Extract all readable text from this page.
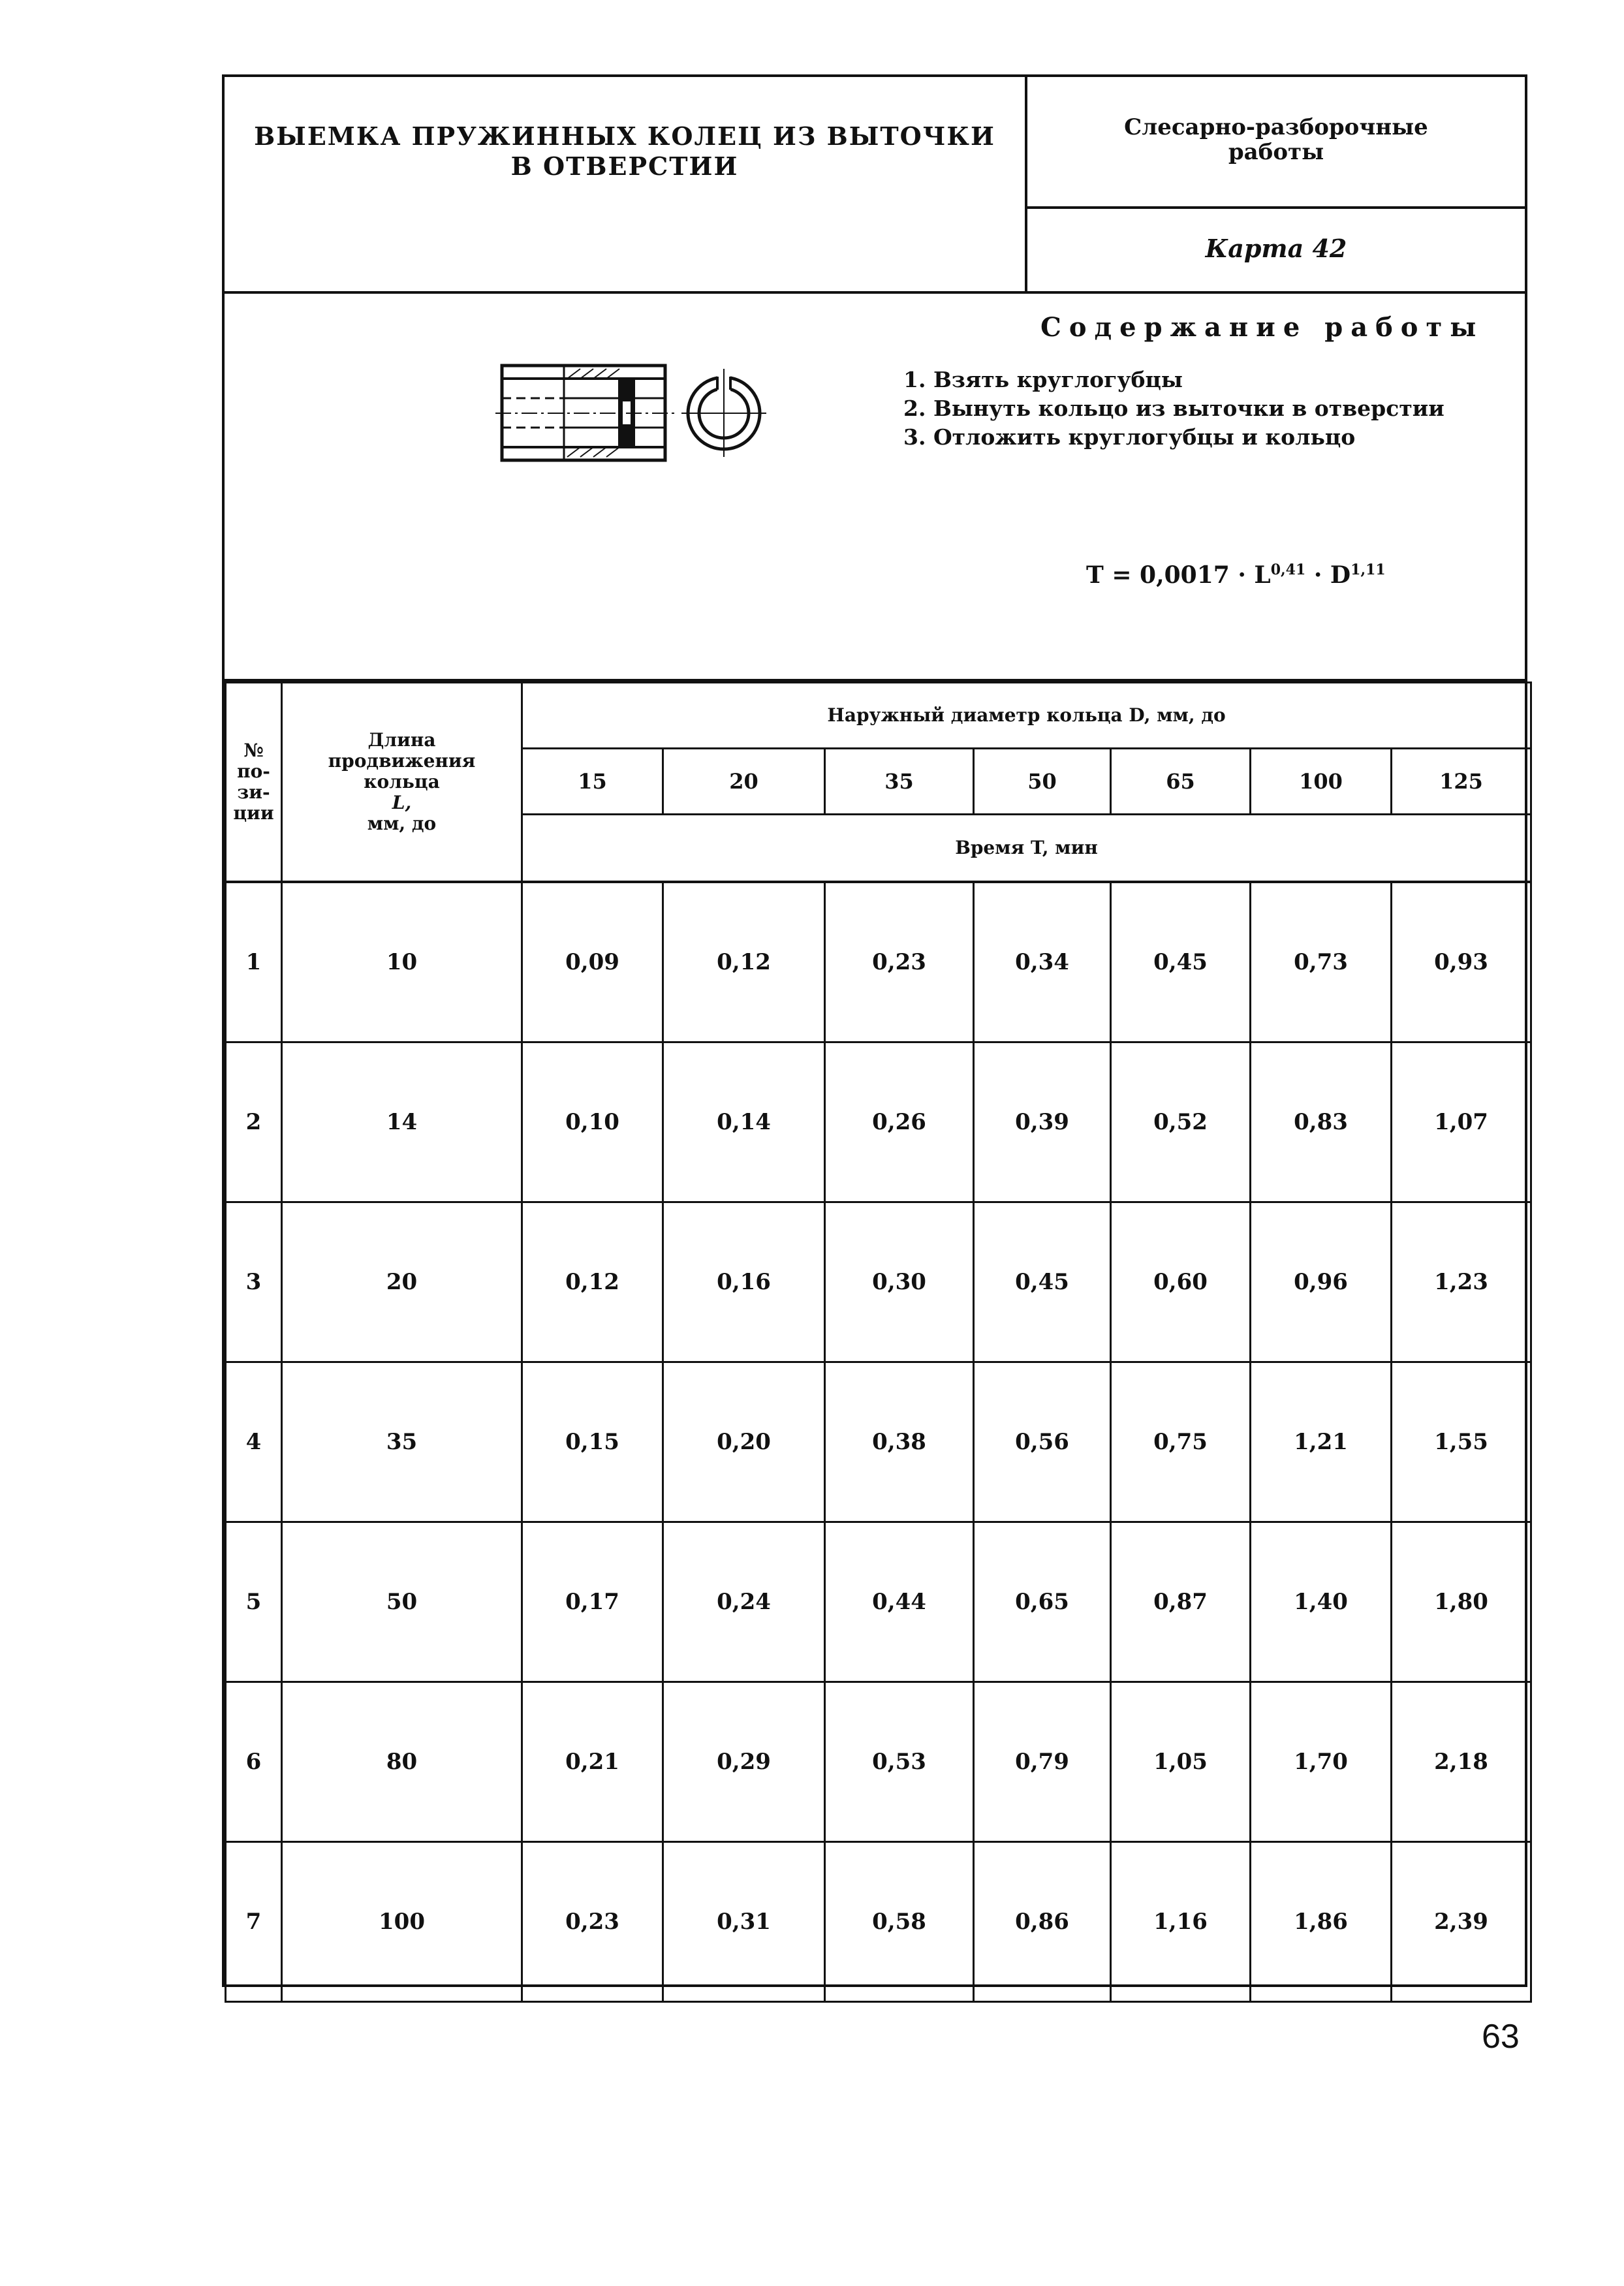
ВЫЕМКА ПРУЖИННЫХ КОЛЕЦ ИЗ ВЫТОЧКИ
В ОТВЕРСТИИ
Слесарно-разборочные
работы
Карта 42
Содержание работы
1. Взять круглогубцы
2. Вынуть кольцо из выточки в отверстии
3. Отложить круглогубцы и кольцо
T = 0,0017 · L$^{0,41}$ · D$^{1,11}$
№ по- зи- ции	Длина
продвижения
кольца
L,
мм, до	Наружный диаметр кольца D, мм, до						
		15	20	35	50	65	100	125
		Время T, мин						
1	10	0,09	0,12	0,23	0,34	0,45	0,73	0,93
2	14	0,10	0,14	0,26	0,39	0,52	0,83	1,07
3	20	0,12	0,16	0,30	0,45	0,60	0,96	1,23
4	35	0,15	0,20	0,38	0,56	0,75	1,21	1,55
5	50	0,17	0,24	0,44	0,65	0,87	1,40	1,80
6	80	0,21	0,29	0,53	0,79	1,05	1,70	2,18
7	100	0,23	0,31	0,58	0,86	1,16	1,86	2,39
63
